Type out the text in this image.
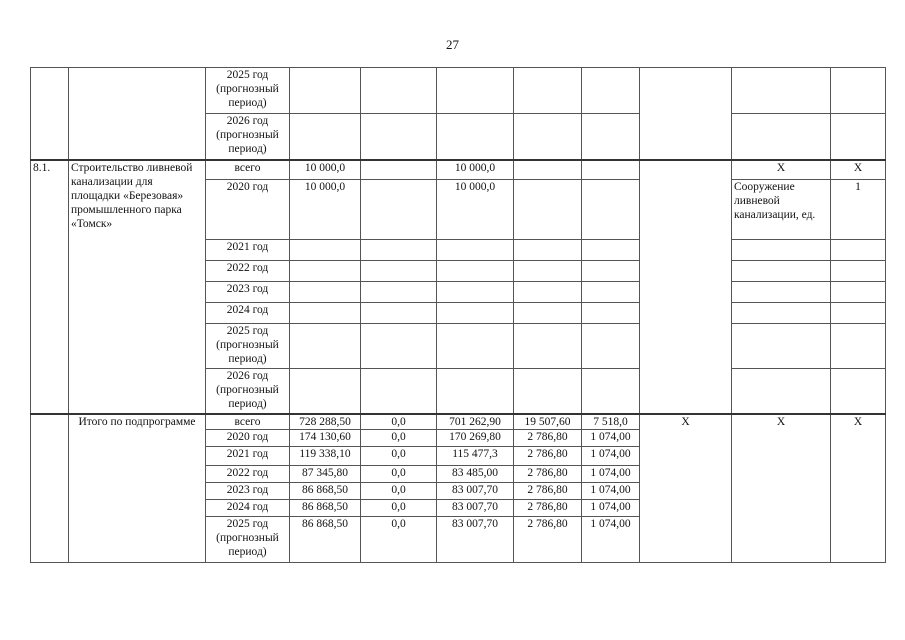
27
		2025 год (прогнозный период)								
		2026 год (прогнозный период)								
8.1.	Строительство ливневой канализации для площадки «Березовая» промышленного парка «Томск»	всего	10 000,0		10 000,0				X	X
		2020 год	10 000,0		10 000,0				Сооружение ливневой канализации, ед.	1
		2021 год								
		2022 год								
		2023 год								
		2024 год								
		2025 год (прогнозный период)								
		2026 год (прогнозный период)								
	Итого по подпрограмме	всего	728 288,50	0,0	701 262,90	19 507,60	7 518,0	X	X	X
		2020 год	174 130,60	0,0	170 269,80	2 786,80	1 074,00			
		2021 год	119 338,10	0,0	115 477,3	2 786,80	1 074,00			
		2022 год	87 345,80	0,0	83 485,00	2 786,80	1 074,00			
		2023 год	86 868,50	0,0	83 007,70	2 786,80	1 074,00			
		2024 год	86 868,50	0,0	83 007,70	2 786,80	1 074,00			
		2025 год (прогнозный период)	86 868,50	0,0	83 007,70	2 786,80	1 074,00			
